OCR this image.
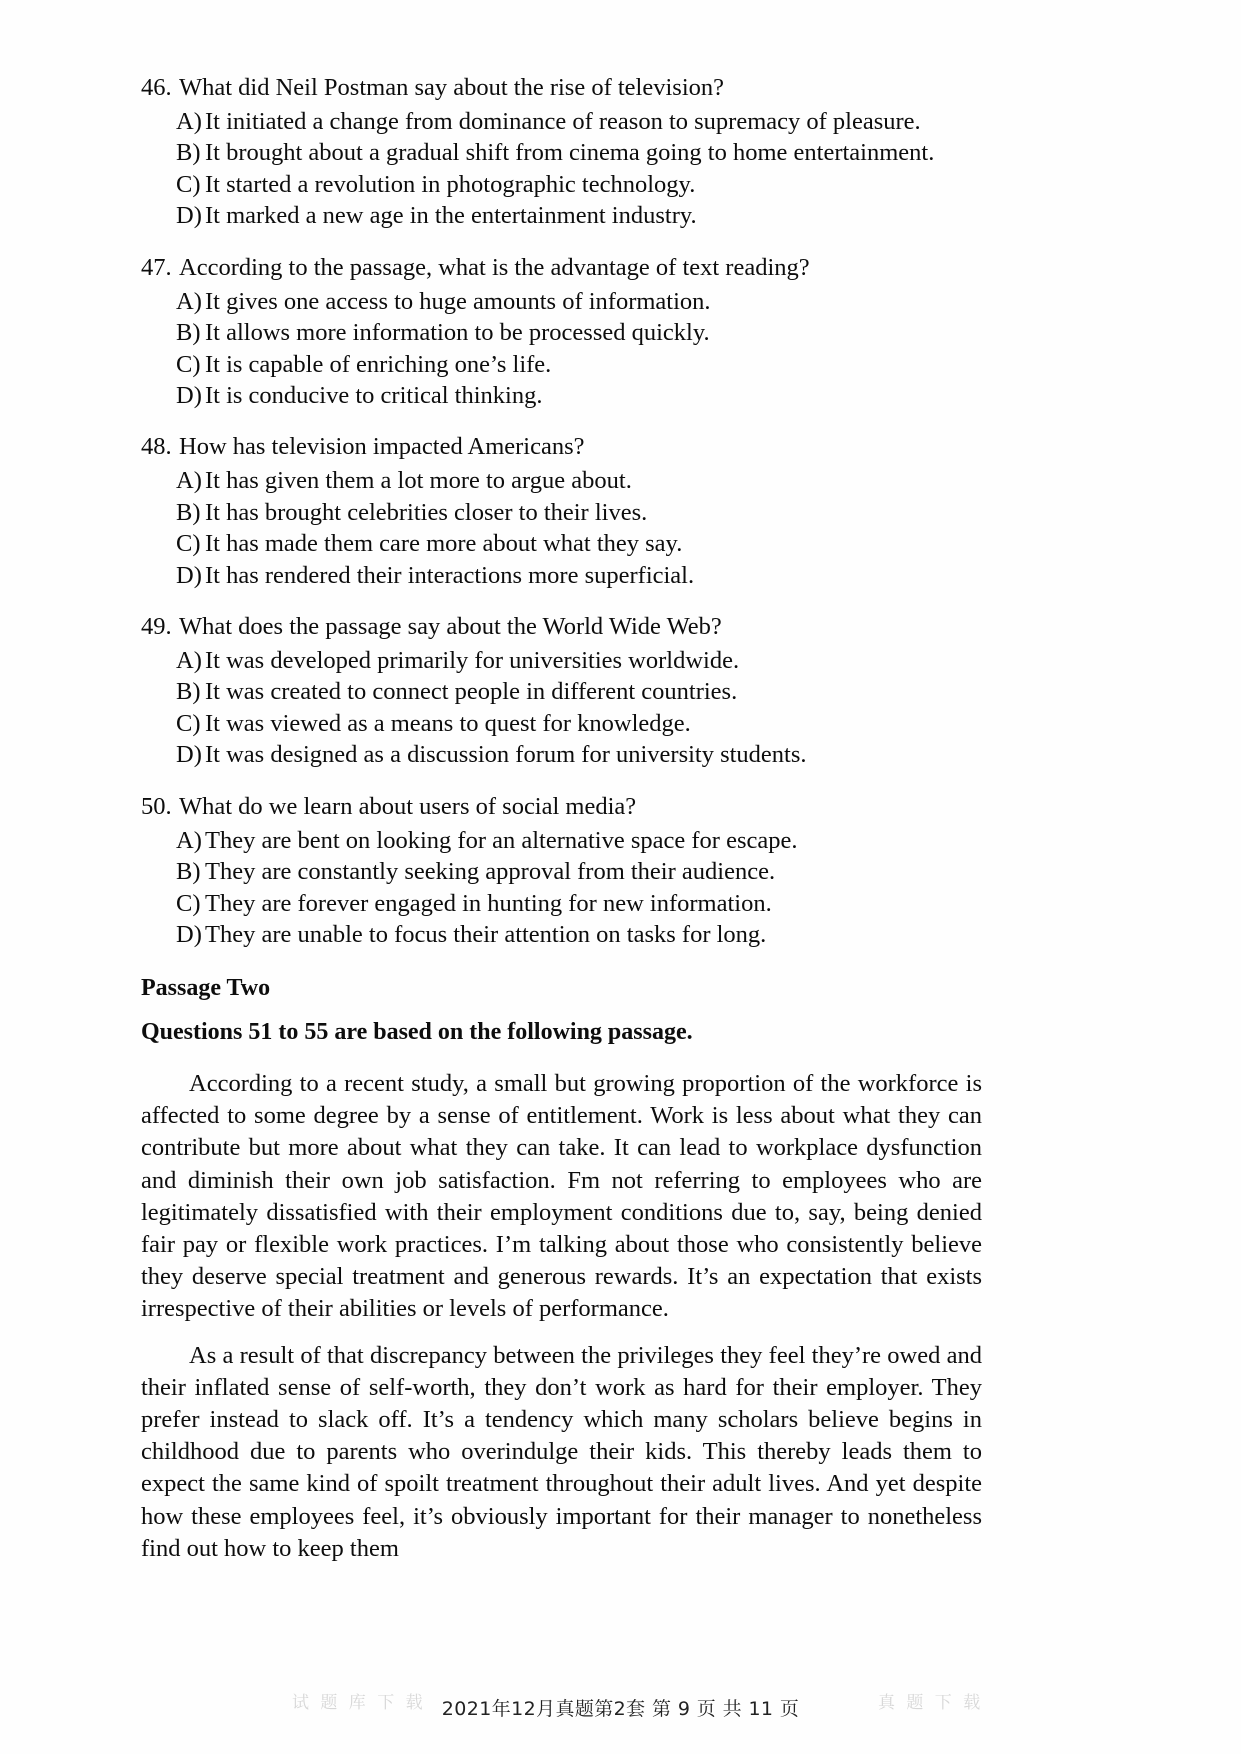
46. What did Neil Postman say about the rise of television?
A) It initiated a change from dominance of reason to supremacy of pleasure.
B) It brought about a gradual shift from cinema going to home entertainment.
C) It started a revolution in photographic technology.
D) It marked a new age in the entertainment industry.
47. According to the passage, what is the advantage of text reading?
A) It gives one access to huge amounts of information.
B) It allows more information to be processed quickly.
C) It is capable of enriching one’s life.
D) It is conducive to critical thinking.
48. How has television impacted Americans?
A) It has given them a lot more to argue about.
B) It has brought celebrities closer to their lives.
C) It has made them care more about what they say.
D) It has rendered their interactions more superficial.
49. What does the passage say about the World Wide Web?
A) It was developed primarily for universities worldwide.
B) It was created to connect people in different countries.
C) It was viewed as a means to quest for knowledge.
D) It was designed as a discussion forum for university students.
50. What do we learn about users of social media?
A) They are bent on looking for an alternative space for escape.
B) They are constantly seeking approval from their audience.
C) They are forever engaged in hunting for new information.
D) They are unable to focus their attention on tasks for long.
Passage Two
Questions 51 to 55 are based on the following passage.

According to a recent study, a small but growing proportion of the workforce is affected to some degree by a sense of entitlement. Work is less about what they can contribute but more about what they can take. It can lead to workplace dysfunction and diminish their own job satisfaction. Fm not referring to employees who are legitimately dissatisfied with their employment conditions due to, say, being denied fair pay or flexible work practices. I’m talking about those who consistently believe they deserve special treatment and generous rewards. It’s an expectation that exists irrespective of their abilities or levels of performance.

As a result of that discrepancy between the privileges they feel they’re owed and their inflated sense of self-worth, they don’t work as hard for their employer. They prefer instead to slack off. It’s a tendency which many scholars believe begins in childhood due to parents who overindulge their kids. This thereby leads them to expect the same kind of spoilt treatment throughout their adult lives. And yet despite how these employees feel, it’s obviously important for their manager to nonetheless find out how to keep them

试 题 库 下 载	真 题 下 载
2021年12月真题第2套 第 9 页 共 11 页
